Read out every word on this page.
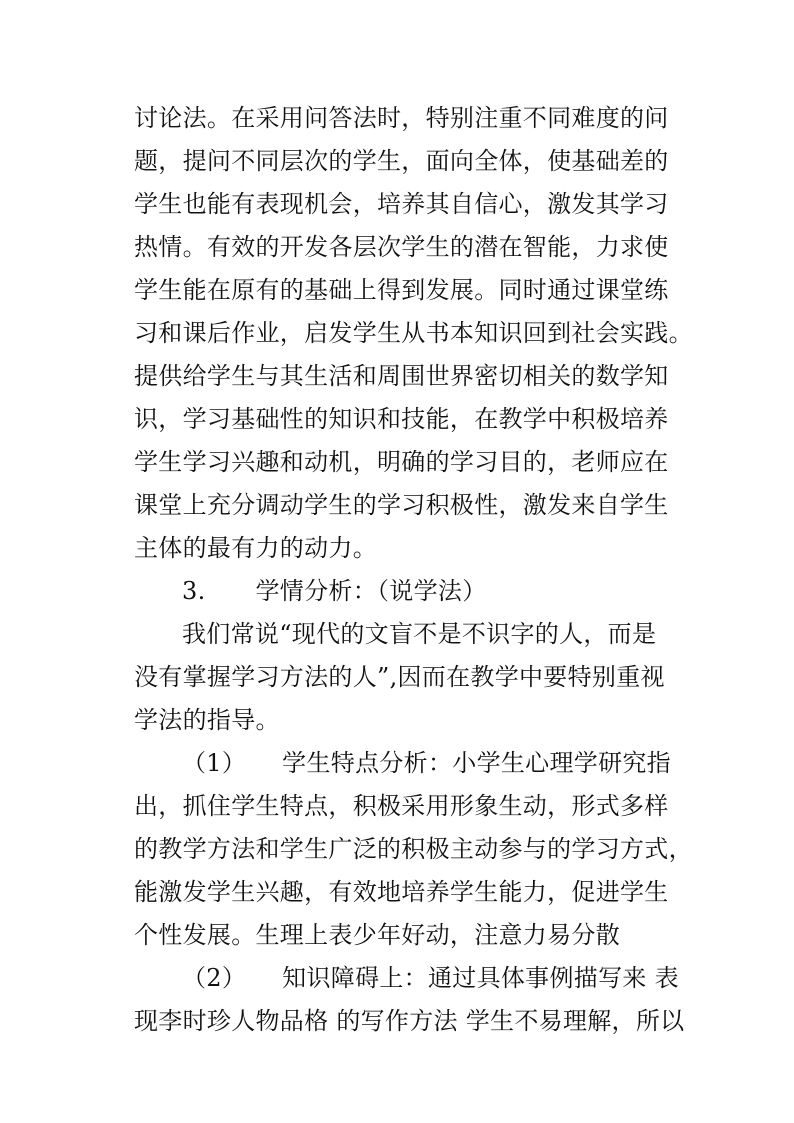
讨论法。在采用问答法时，特别注重不同难度的问
题，提问不同层次的学生，面向全体，使基础差的
学生也能有表现机会，培养其自信心，激发其学习
热情。有效的开发各层次学生的潜在智能，力求使
学生能在原有的基础上得到发展。同时通过课堂练
习和课后作业，启发学生从书本知识回到社会实践。
提供给学生与其生活和周围世界密切相关的数学知
识，学习基础性的知识和技能，在教学中积极培养
学生学习兴趣和动机，明确的学习目的，老师应在
课堂上充分调动学生的学习积极性，激发来自学生
主体的最有力的动力。
3. 学情分析：（说学法）
我们常说“现代的文盲不是不识字的人，而是
没有掌握学习方法的人”,因而在教学中要特别重视
学法的指导。
（1） 学生特点分析：小学生心理学研究指
出，抓住学生特点，积极采用形象生动，形式多样
的教学方法和学生广泛的积极主动参与的学习方式，
能激发学生兴趣，有效地培养学生能力，促进学生
个性发展。生理上表少年好动，注意力易分散
（2） 知识障碍上：通过具体事例描写来 表
现李时珍人物品格 的写作方法 学生不易理解，所以
